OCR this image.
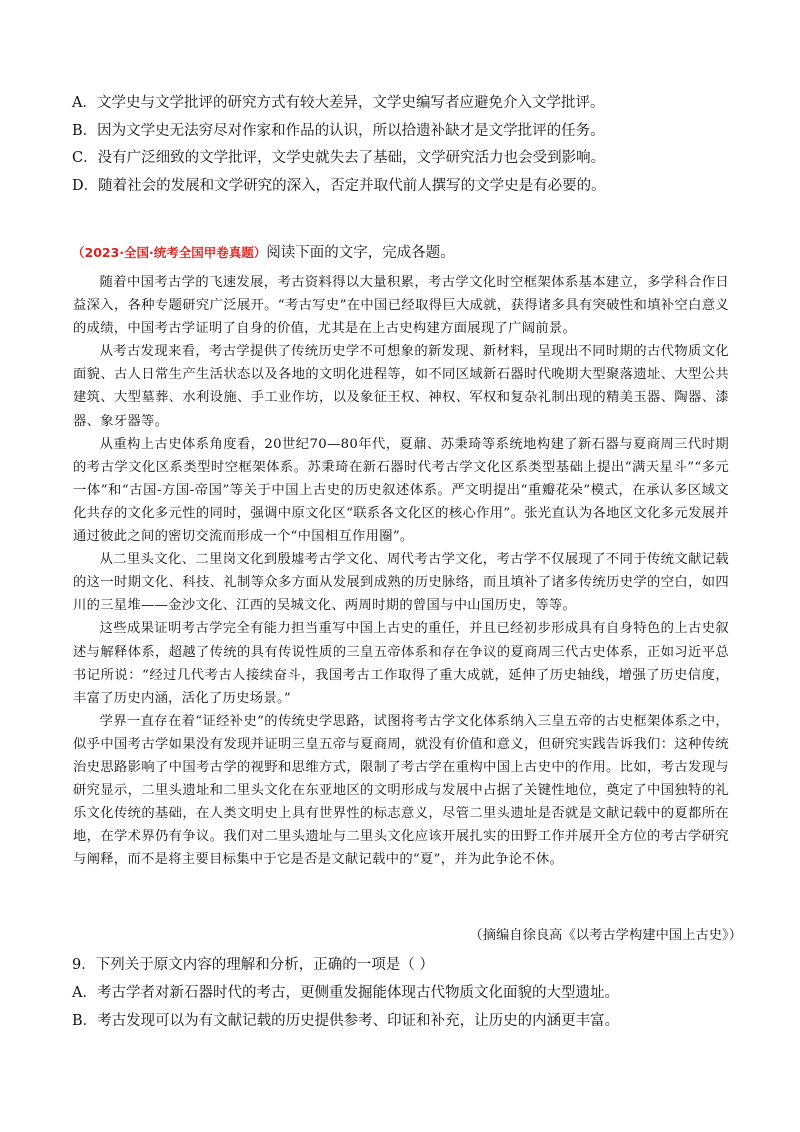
A．文学史与文学批评的研究方式有较大差异，文学史编写者应避免介入文学批评。
B．因为文学史无法穷尽对作家和作品的认识，所以拾遗补缺才是文学批评的任务。
C．没有广泛细致的文学批评，文学史就失去了基础，文学研究活力也会受到影响。
D．随着社会的发展和文学研究的深入，否定并取代前人撰写的文学史是有必要的。
（2023·全国·统考全国甲卷真题）阅读下面的文字，完成各题。

随着中国考古学的飞速发展，考古资料得以大量积累，考古学文化时空框架体系基本建立，多学科合作日益深入，各种专题研究广泛展开。“考古写史”在中国已经取得巨大成就，获得诸多具有突破性和填补空白意义的成绩，中国考古学证明了自身的价值，尤其是在上古史构建方面展现了广阔前景。

从考古发现来看，考古学提供了传统历史学不可想象的新发现、新材料，呈现出不同时期的古代物质文化面貌、古人日常生产生活状态以及各地的文明化进程等，如不同区域新石器时代晚期大型聚落遗址、大型公共建筑、大型墓葬、水利设施、手工业作坊，以及象征王权、神权、军权和复杂礼制出现的精美玉器、陶器、漆器、象牙器等。

从重构上古史体系角度看，20世纪70—80年代，夏鼐、苏秉琦等系统地构建了新石器与夏商周三代时期的考古学文化区系类型时空框架体系。苏秉琦在新石器时代考古学文化区系类型基础上提出“满天星斗”“多元一体”和“古国-方国-帝国”等关于中国上古史的历史叙述体系。严文明提出“重瓣花朵”模式，在承认多区域文化共存的文化多元性的同时，强调中原文化区“联系各文化区的核心作用”。张光直认为各地区文化多元发展并通过彼此之间的密切交流而形成一个“中国相互作用圈”。

从二里头文化、二里岗文化到殷墟考古学文化、周代考古学文化，考古学不仅展现了不同于传统文献记载的这一时期文化、科技、礼制等众多方面从发展到成熟的历史脉络，而且填补了诸多传统历史学的空白，如四川的三星堆——金沙文化、江西的吴城文化、两周时期的曾国与中山国历史，等等。

这些成果证明考古学完全有能力担当重写中国上古史的重任，并且已经初步形成具有自身特色的上古史叙述与解释体系，超越了传统的具有传说性质的三皇五帝体系和存在争议的夏商周三代古史体系，正如习近平总书记所说：“经过几代考古人接续奋斗，我国考古工作取得了重大成就，延伸了历史轴线，增强了历史信度，丰富了历史内涵，活化了历史场景。”

学界一直存在着“证经补史”的传统史学思路，试图将考古学文化体系纳入三皇五帝的古史框架体系之中，似乎中国考古学如果没有发现并证明三皇五帝与夏商周，就没有价值和意义，但研究实践告诉我们：这种传统治史思路影响了中国考古学的视野和思维方式，限制了考古学在重构中国上古史中的作用。比如，考古发现与研究显示，二里头遗址和二里头文化在东亚地区的文明形成与发展中占据了关键性地位，奠定了中国独特的礼乐文化传统的基础，在人类文明史上具有世界性的标志意义，尽管二里头遗址是否就是文献记载中的夏都所在地，在学术界仍有争议。我们对二里头遗址与二里头文化应该开展扎实的田野工作并展开全方位的考古学研究与阐释，而不是将主要目标集中于它是否是文献记载中的“夏”，并为此争论不休。

（摘编自徐良高《以考古学构建中国上古史》）
9．下列关于原文内容的理解和分析，正确的一项是（ ）
A．考古学者对新石器时代的考古，更侧重发掘能体现古代物质文化面貌的大型遗址。
B．考古发现可以为有文献记载的历史提供参考、印证和补充，让历史的内涵更丰富。
